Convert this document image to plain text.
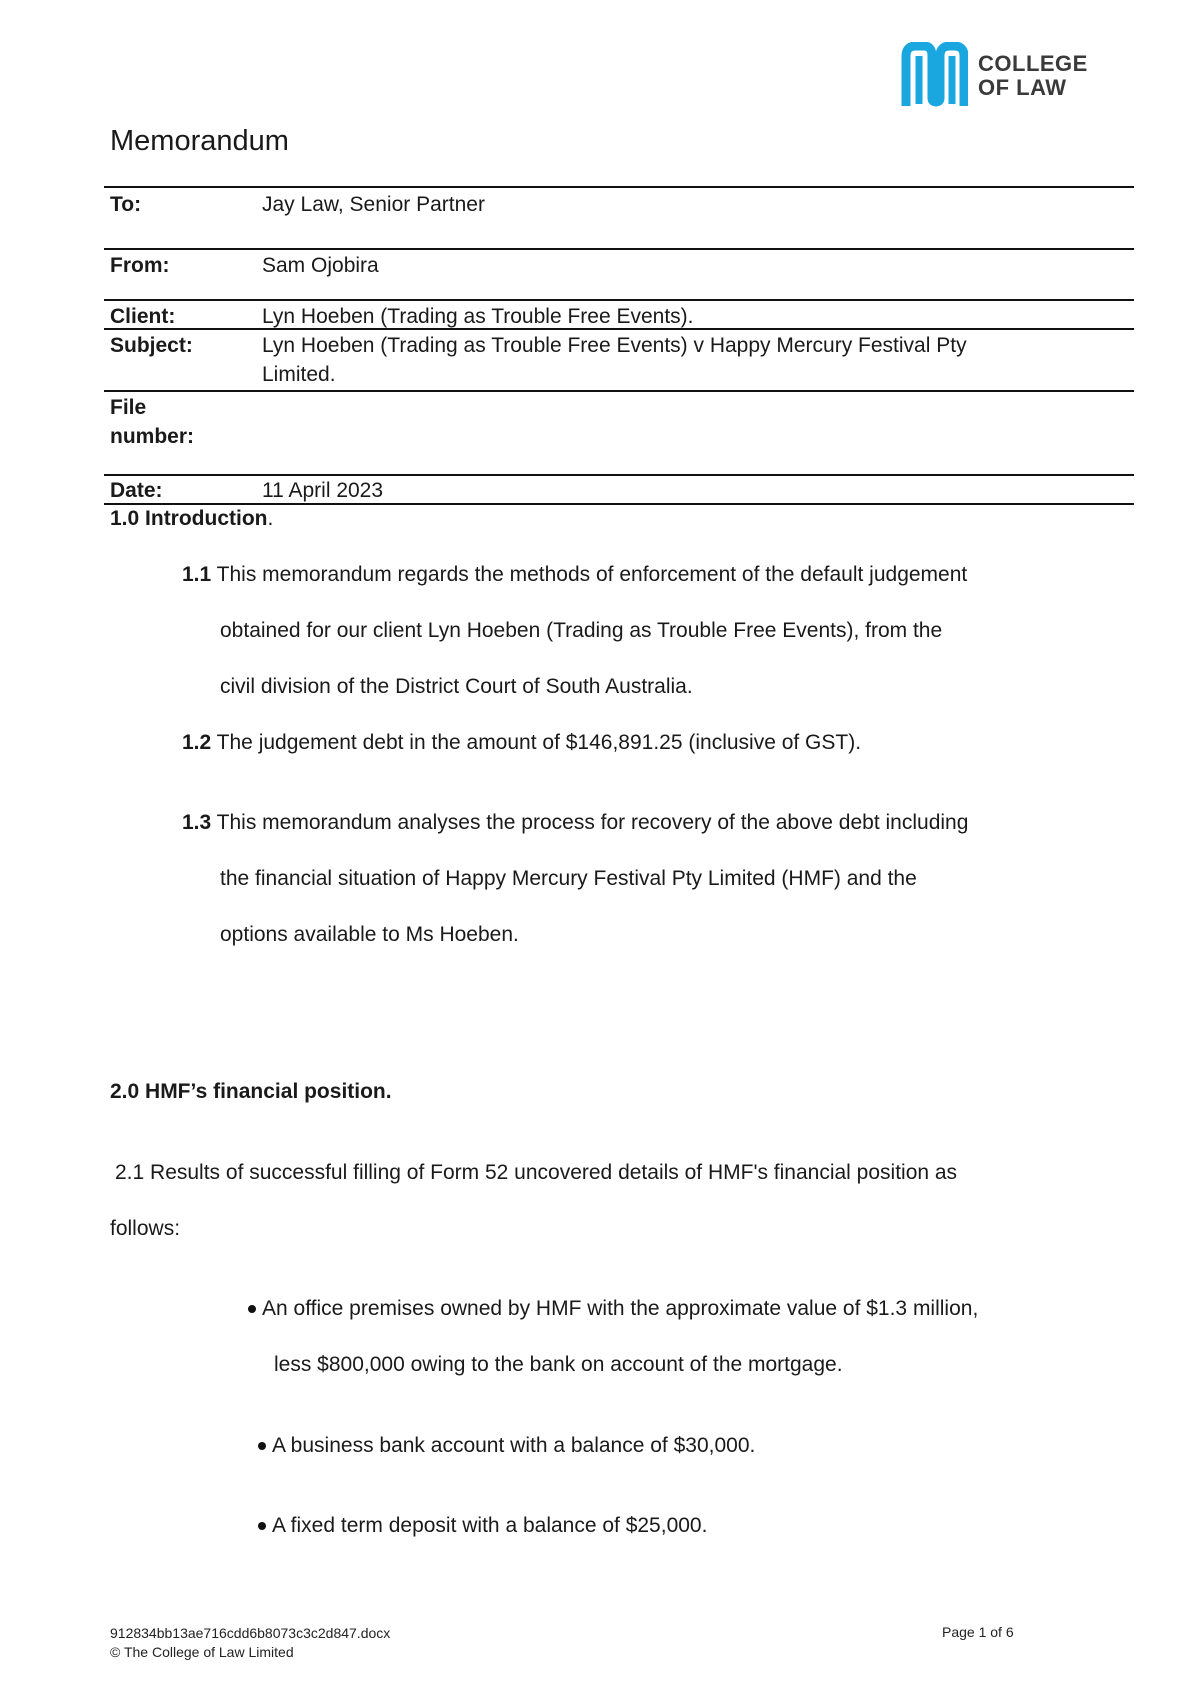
COLLEGE
OF LAW
Memorandum
To:	Jay Law, Senior Partner
From:	Sam Ojobira
Client:	Lyn Hoeben (Trading as Trouble Free Events).
Subject:	Lyn Hoeben (Trading as Trouble Free Events) v Happy Mercury Festival Pty
Limited.
File
number:
Date:	11 April 2023
1.0 Introduction.
1.1 This memorandum regards the methods of enforcement of the default judgement
obtained for our client Lyn Hoeben (Trading as Trouble Free Events), from the
civil division of the District Court of South Australia.
1.2 The judgement debt in the amount of $146,891.25 (inclusive of GST).
1.3 This memorandum analyses the process for recovery of the above debt including
the financial situation of Happy Mercury Festival Pty Limited (HMF) and the
options available to Ms Hoeben.
2.0 HMF’s financial position.
2.1 Results of successful filling of Form 52 uncovered details of HMF's financial position as
follows:
An office premises owned by HMF with the approximate value of $1.3 million,
less $800,000 owing to the bank on account of the mortgage.
A business bank account with a balance of $30,000.
A fixed term deposit with a balance of $25,000.
912834bb13ae716cdd6b8073c3c2d847.docx
© The College of Law Limited
Page 1 of 6
